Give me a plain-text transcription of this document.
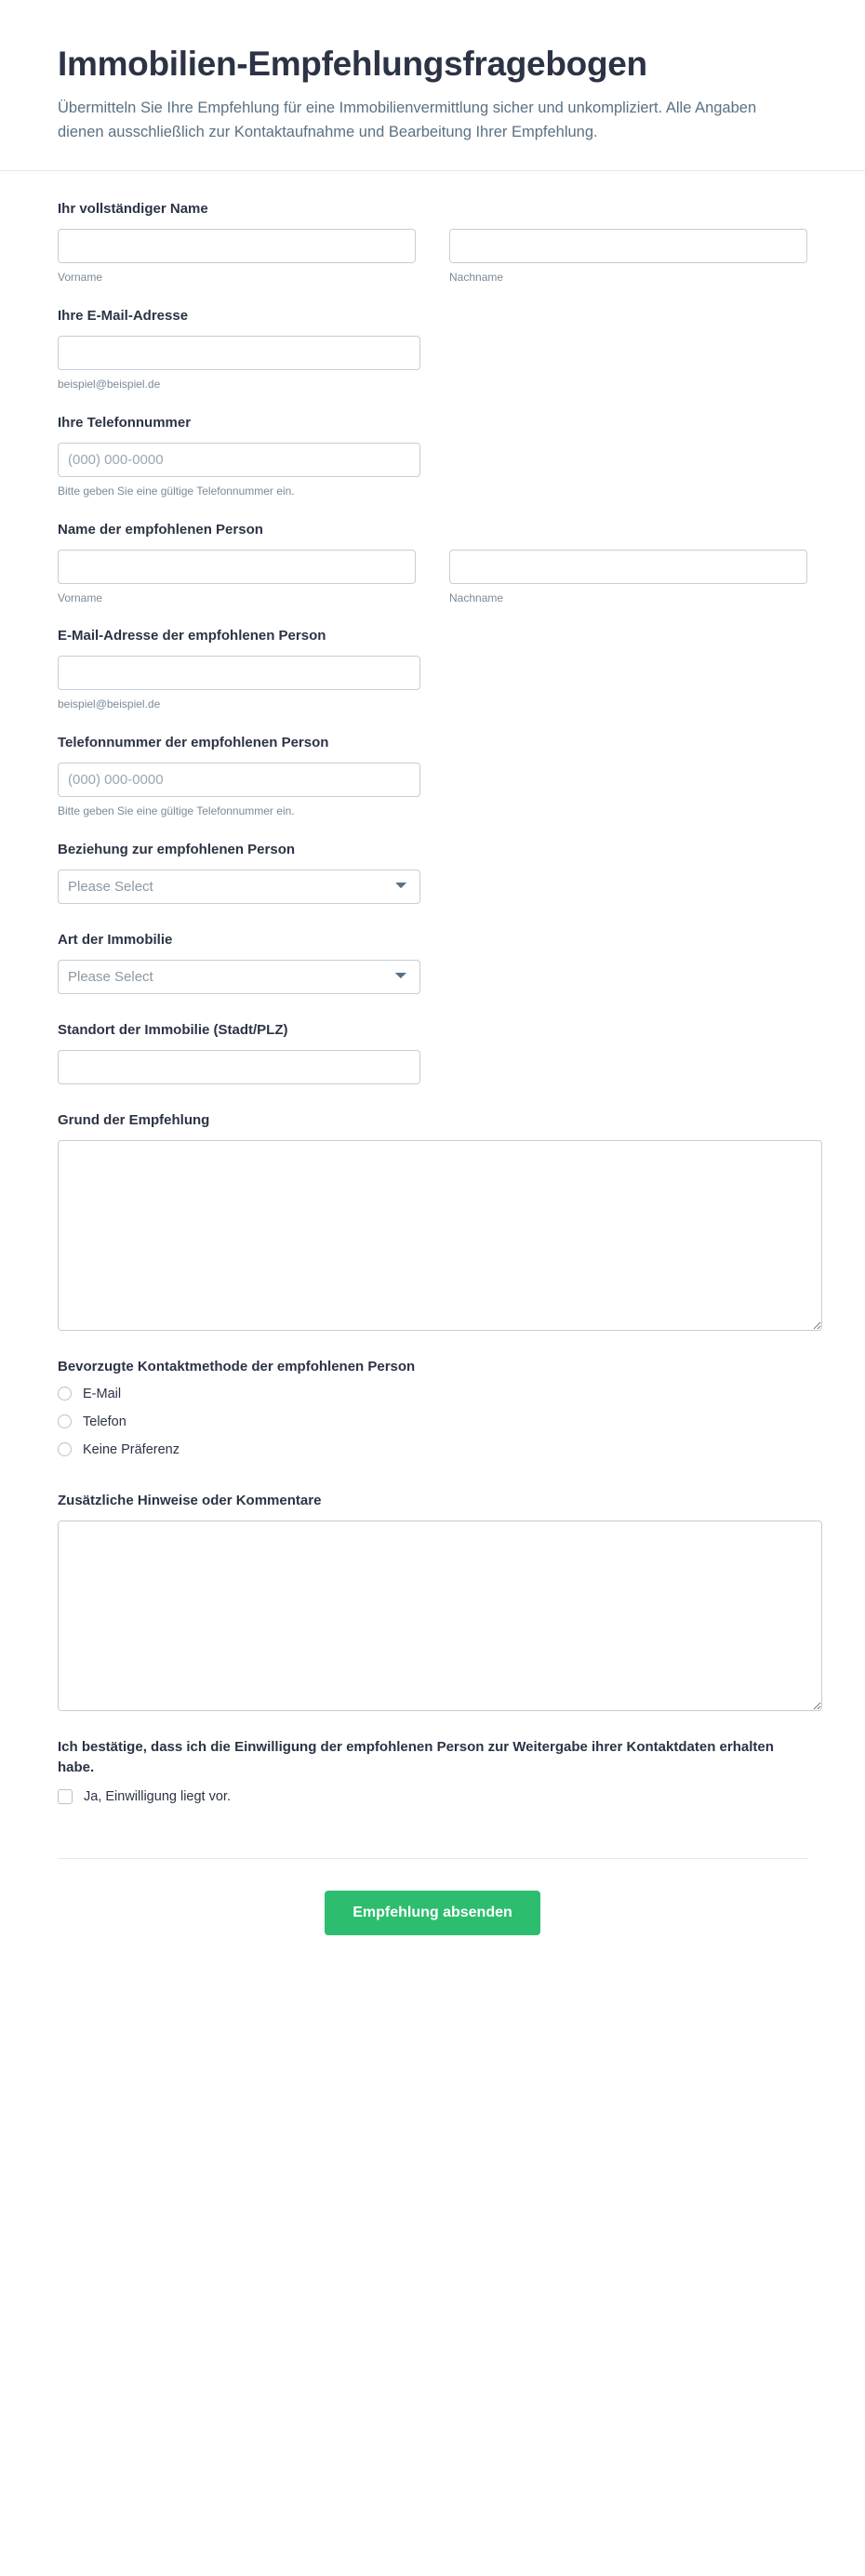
Immobilien-Empfehlungsfragebogen

Übermitteln Sie Ihre Empfehlung für eine Immobilienvermittlung sicher und unkompliziert. Alle Angaben dienen ausschließlich zur Kontaktaufnahme und Bearbeitung Ihrer Empfehlung.

Ihr vollständiger Name
Vorname	Nachname
Ihre E-Mail-Adresse
beispiel@beispiel.de
Ihre Telefonnummer
(000) 000-0000
Bitte geben Sie eine gültige Telefonnummer ein.
Name der empfohlenen Person
Vorname	Nachname
E-Mail-Adresse der empfohlenen Person
beispiel@beispiel.de
Telefonnummer der empfohlenen Person
(000) 000-0000
Bitte geben Sie eine gültige Telefonnummer ein.
Beziehung zur empfohlenen Person
Please Select
Art der Immobilie
Please Select
Standort der Immobilie (Stadt/PLZ)
Grund der Empfehlung
Bevorzugte Kontaktmethode der empfohlenen Person
E-Mail
Telefon
Keine Präferenz
Zusätzliche Hinweise oder Kommentare
Ich bestätige, dass ich die Einwilligung der empfohlenen Person zur Weitergabe ihrer Kontaktdaten erhalten habe.
Ja, Einwilligung liegt vor.
Empfehlung absenden
